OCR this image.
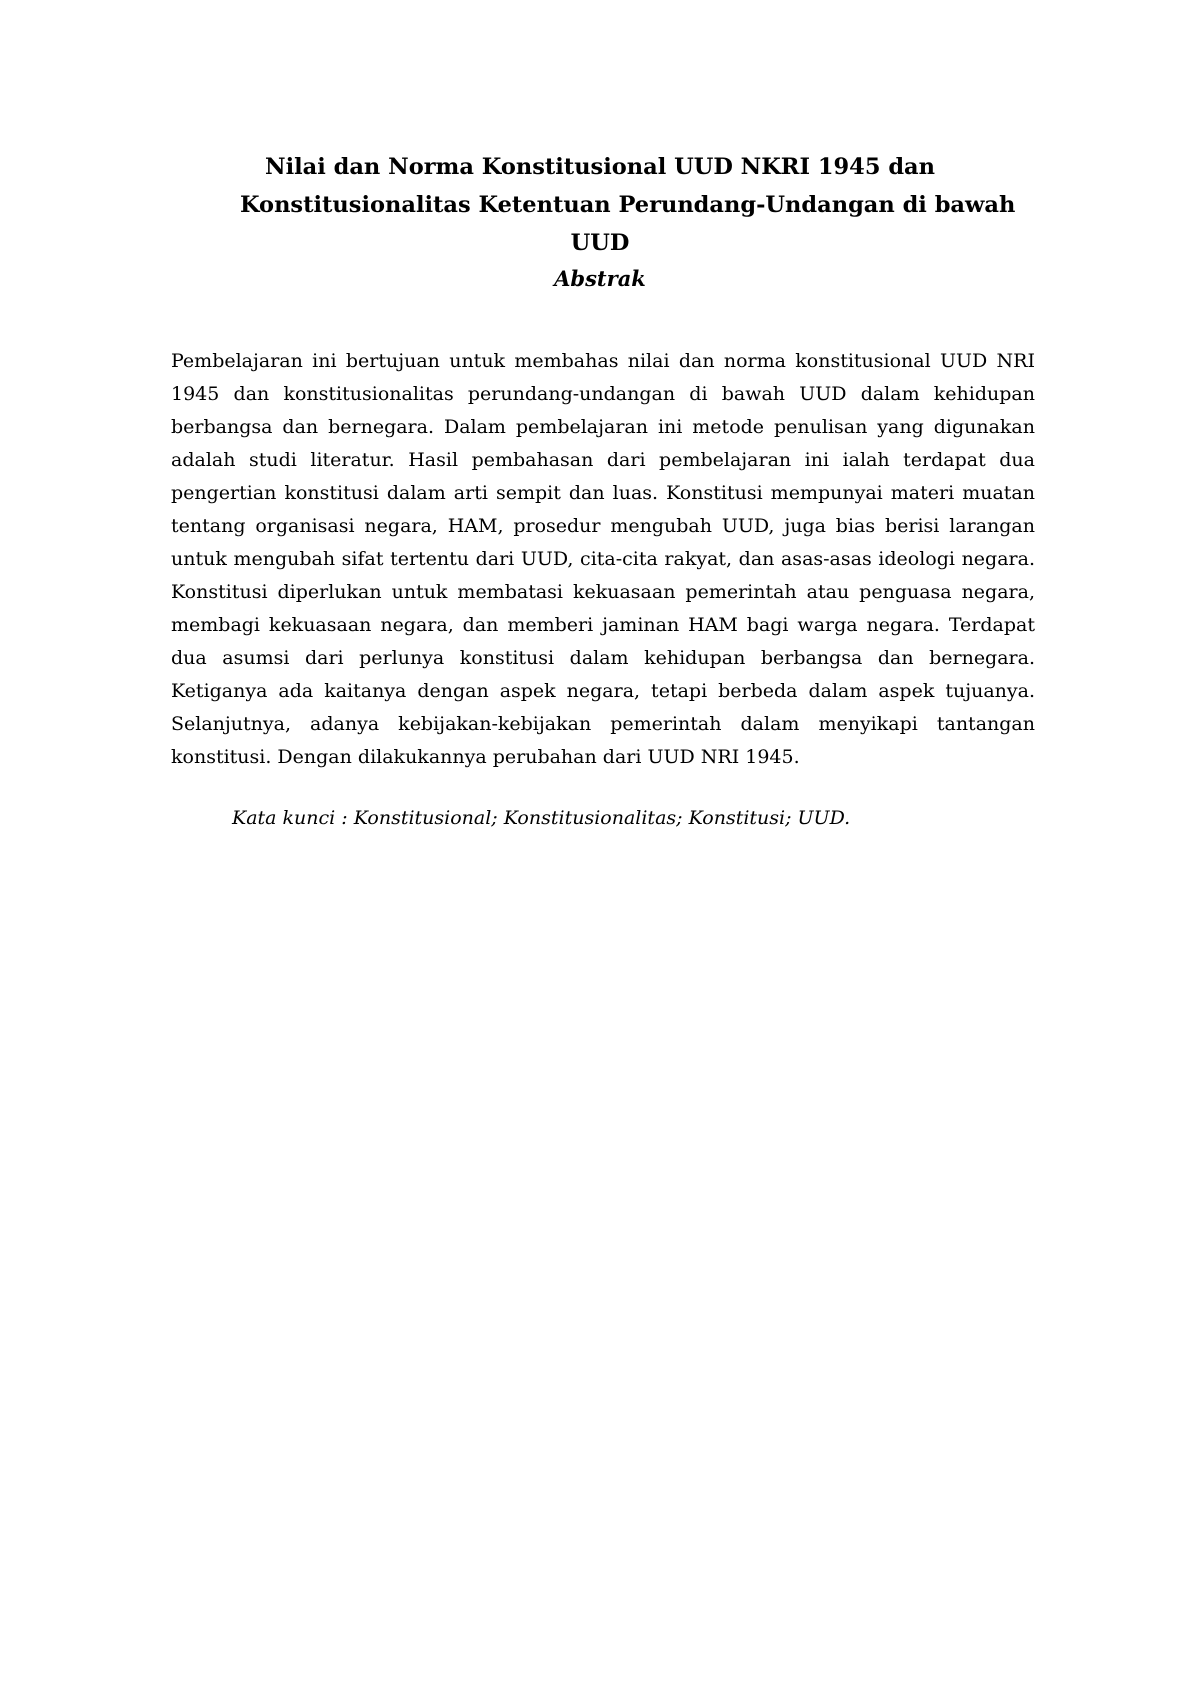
Nilai dan Norma Konstitusional UUD NKRI 1945 dan
Konstitusionalitas Ketentuan Perundang-Undangan di bawah
UUD
Abstrak
Pembelajaran ini bertujuan untuk membahas nilai dan norma konstitusional UUD NRI
1945 dan konstitusionalitas perundang-undangan di bawah UUD dalam kehidupan
berbangsa dan bernegara. Dalam pembelajaran ini metode penulisan yang digunakan
adalah studi literatur. Hasil pembahasan dari pembelajaran ini ialah terdapat dua
pengertian konstitusi dalam arti sempit dan luas. Konstitusi mempunyai materi muatan
tentang organisasi negara, HAM, prosedur mengubah UUD, juga bias berisi larangan
untuk mengubah sifat tertentu dari UUD, cita-cita rakyat, dan asas-asas ideologi negara.
Konstitusi diperlukan untuk membatasi kekuasaan pemerintah atau penguasa negara,
membagi kekuasaan negara, dan memberi jaminan HAM bagi warga negara. Terdapat
dua asumsi dari perlunya konstitusi dalam kehidupan berbangsa dan bernegara.
Ketiganya ada kaitanya dengan aspek negara, tetapi berbeda dalam aspek tujuanya.
Selanjutnya, adanya kebijakan-kebijakan pemerintah dalam menyikapi tantangan
konstitusi. Dengan dilakukannya perubahan dari UUD NRI 1945.
Kata kunci : Konstitusional; Konstitusionalitas; Konstitusi; UUD.
